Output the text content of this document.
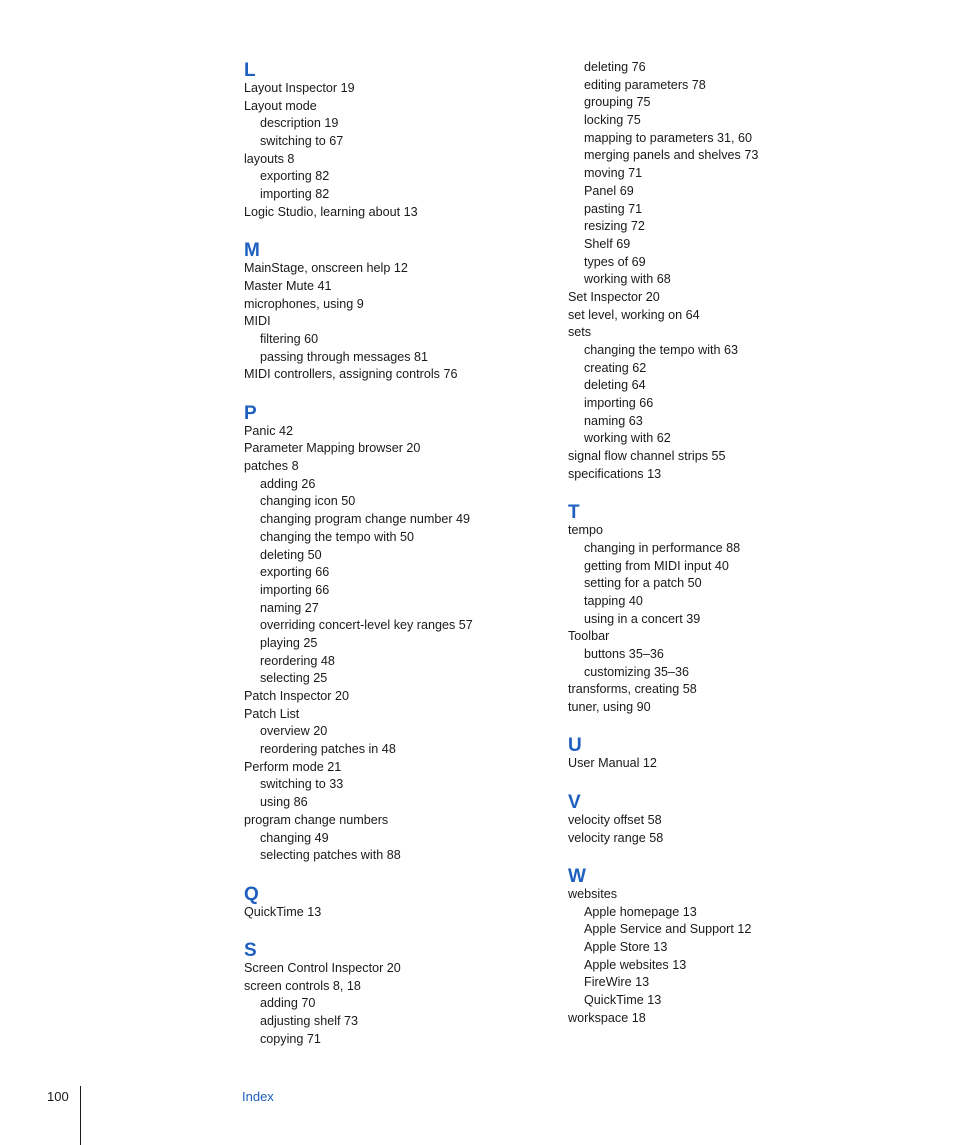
L
Layout Inspector 19
Layout mode
description 19
switching to 67
layouts 8
exporting 82
importing 82
Logic Studio, learning about 13
M
MainStage, onscreen help 12
Master Mute 41
microphones, using 9
MIDI
filtering 60
passing through messages 81
MIDI controllers, assigning controls 76
P
Panic 42
Parameter Mapping browser 20
patches 8
adding 26
changing icon 50
changing program change number 49
changing the tempo with 50
deleting 50
exporting 66
importing 66
naming 27
overriding concert-level key ranges 57
playing 25
reordering 48
selecting 25
Patch Inspector 20
Patch List
overview 20
reordering patches in 48
Perform mode 21
switching to 33
using 86
program change numbers
changing 49
selecting patches with 88
Q
QuickTime 13
S
Screen Control Inspector 20
screen controls 8, 18
adding 70
adjusting shelf 73
copying 71
deleting 76
editing parameters 78
grouping 75
locking 75
mapping to parameters 31, 60
merging panels and shelves 73
moving 71
Panel 69
pasting 71
resizing 72
Shelf 69
types of 69
working with 68
Set Inspector 20
set level, working on 64
sets
changing the tempo with 63
creating 62
deleting 64
importing 66
naming 63
working with 62
signal flow channel strips 55
specifications 13
T
tempo
changing in performance 88
getting from MIDI input 40
setting for a patch 50
tapping 40
using in a concert 39
Toolbar
buttons 35–36
customizing 35–36
transforms, creating 58
tuner, using 90
U
User Manual 12
V
velocity offset 58
velocity range 58
W
websites
Apple homepage 13
Apple Service and Support 12
Apple Store 13
Apple websites 13
FireWire 13
QuickTime 13
workspace 18
100	Index
